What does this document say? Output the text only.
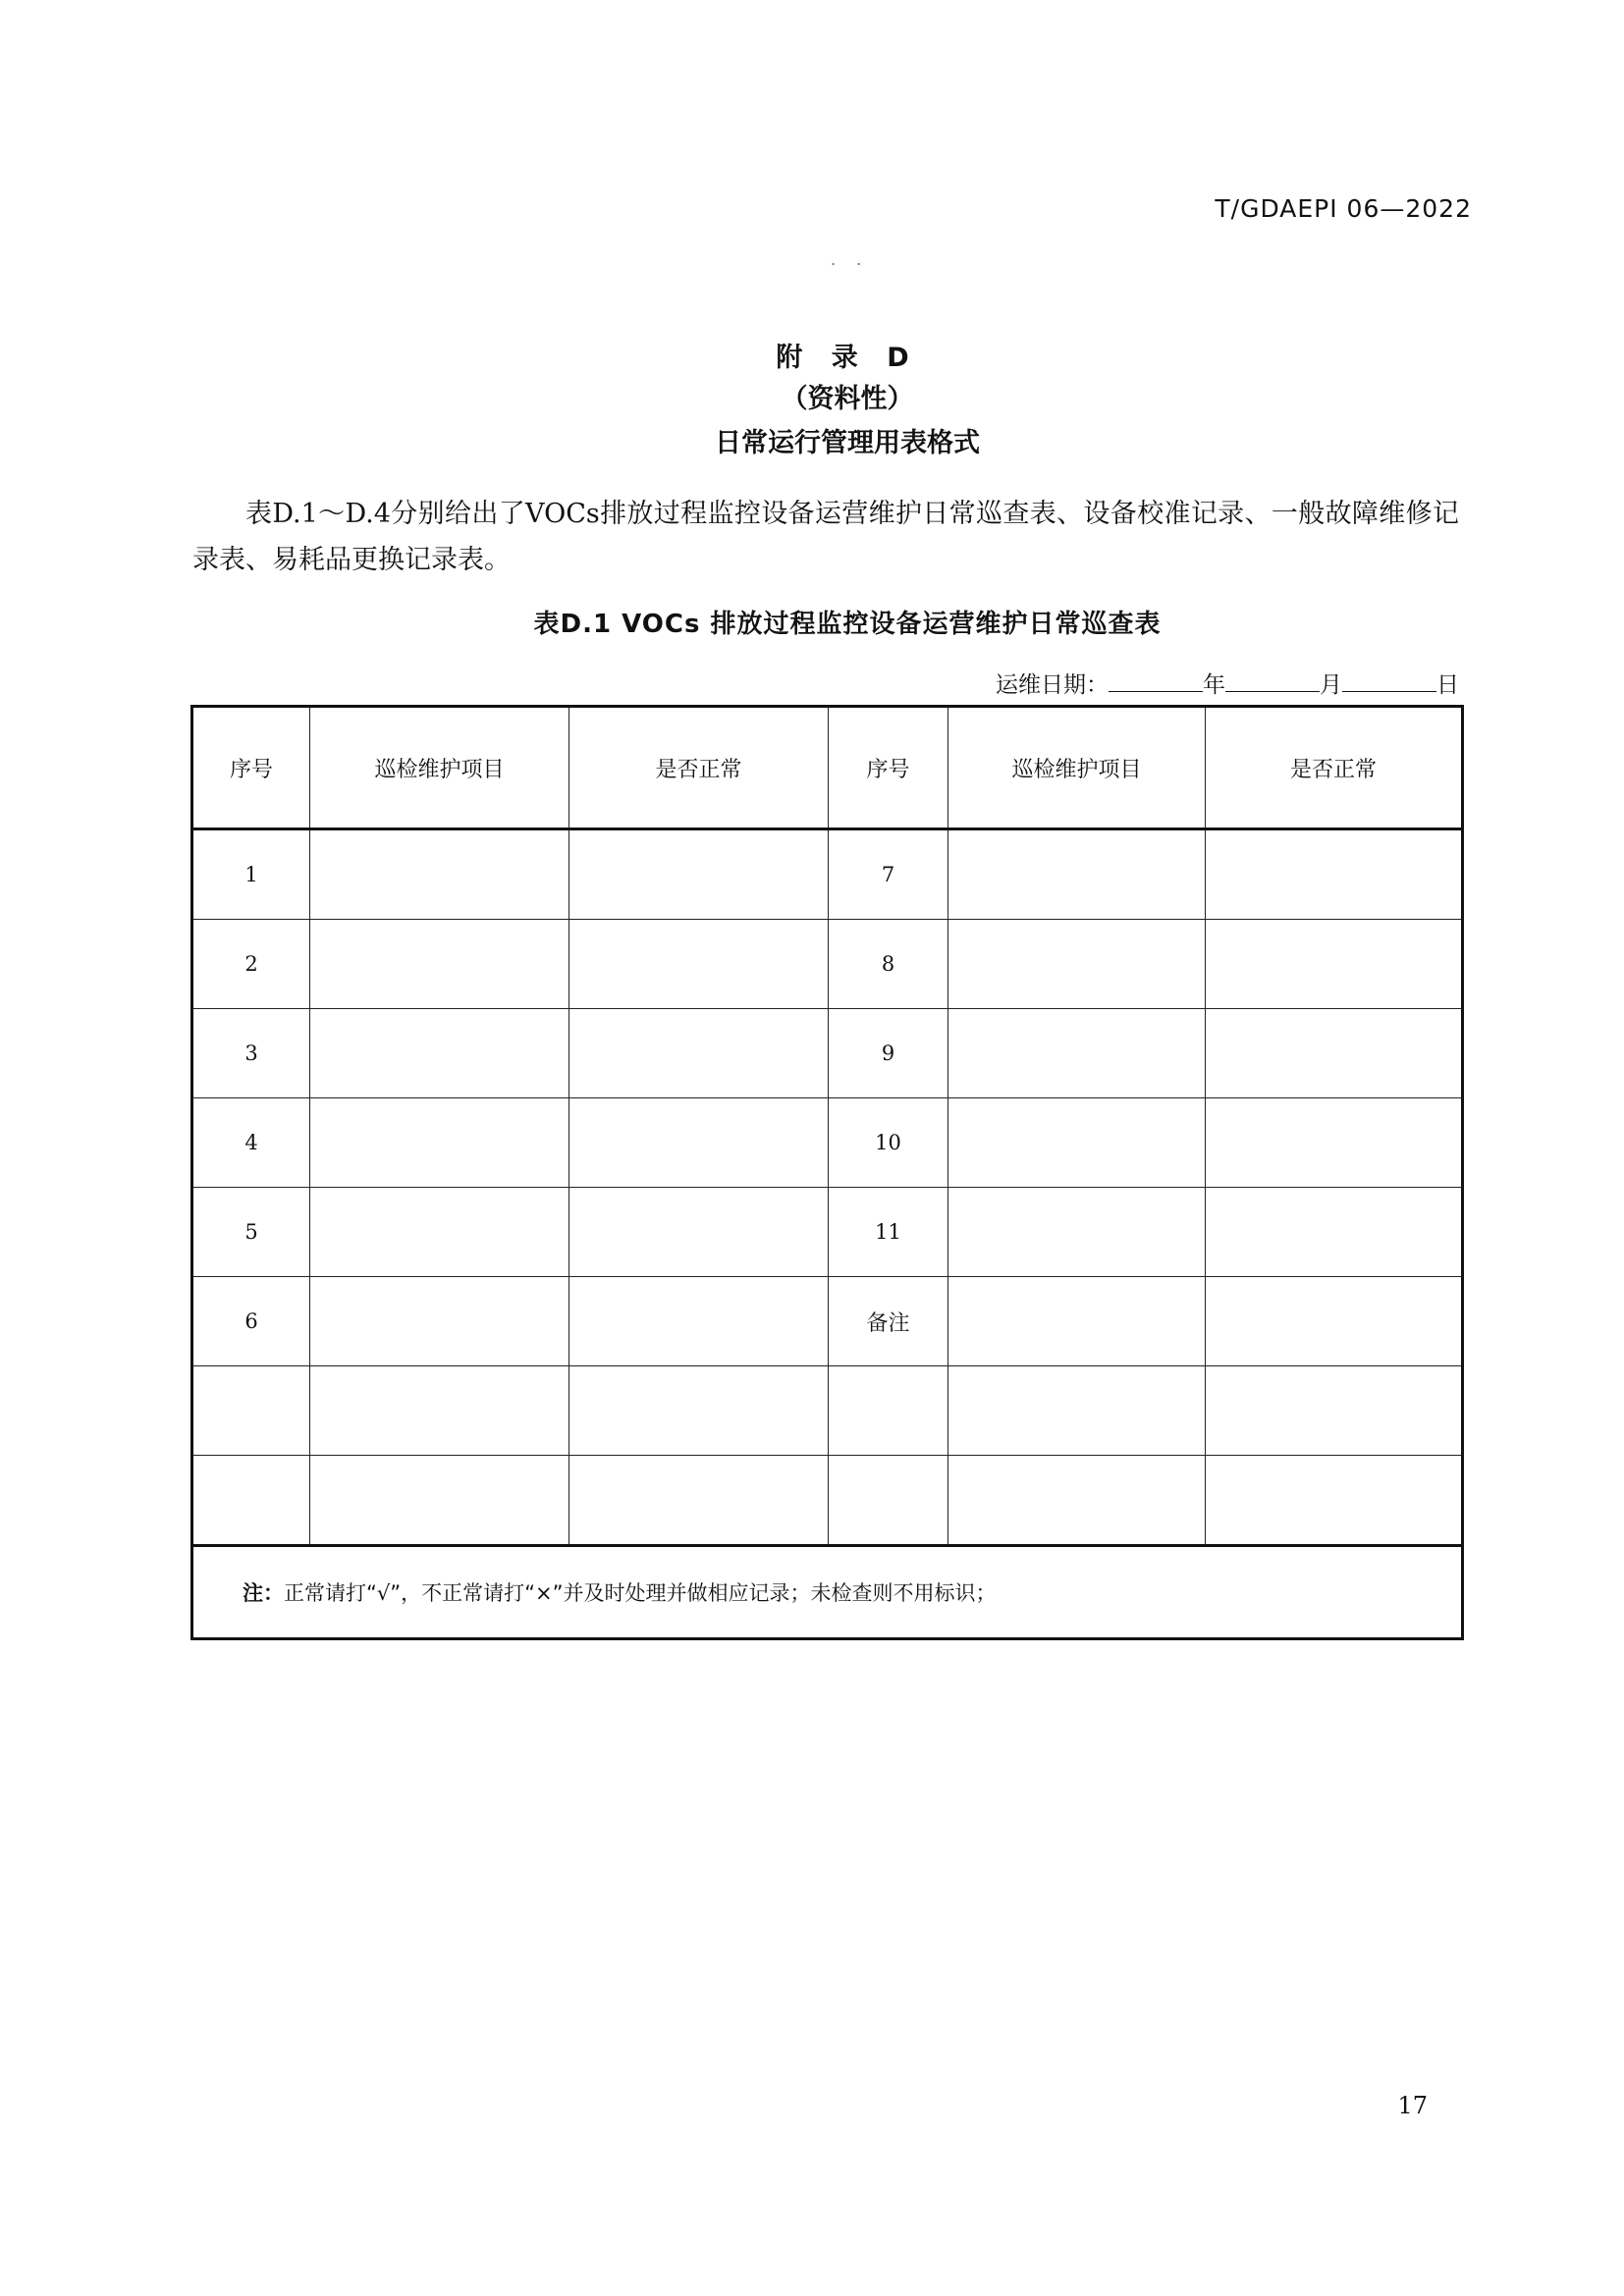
T/GDAEPI 06—2022
. .
附 录 D
（资料性）
日常运行管理用表格式

表D.1～D.4分别给出了VOCs排放过程监控设备运营维护日常巡查表、设备校准记录、一般故障维修记录表、易耗品更换记录表。

表D.1 VOCs 排放过程监控设备运营维护日常巡查表
运维日期：	年	月	日
序号	巡检维护项目	是否正常	序号	巡检维护项目	是否正常
1			7		
2			8		
3			9		
4			10		
5			11		
6			备注		

注：正常请打“√”，不正常请打“×”并及时处理并做相应记录；未检查则不用标识；					
17
